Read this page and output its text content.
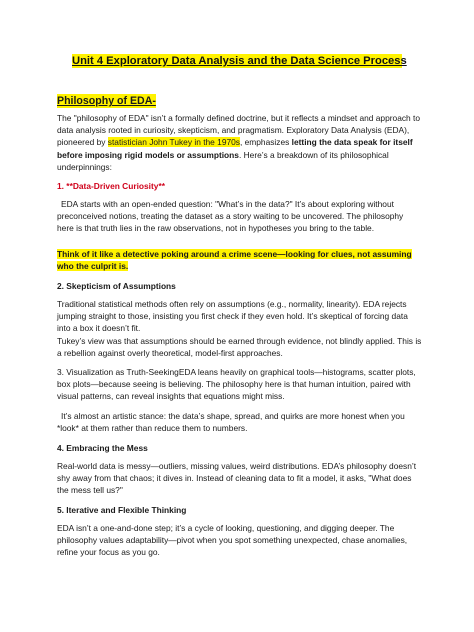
Unit 4 Exploratory Data Analysis and the Data Science Process
Philosophy of EDA-

The "philosophy of EDA" isn’t a formally defined doctrine, but it reflects a mindset and approach to data analysis rooted in curiosity, skepticism, and pragmatism. Exploratory Data Analysis (EDA), pioneered by statistician John Tukey in the 1970s, emphasizes letting the data speak for itself before imposing rigid models or assumptions. Here’s a breakdown of its philosophical underpinnings:

1. **Data-Driven Curiosity**

EDA starts with an open-ended question: "What’s in the data?" It’s about exploring without preconceived notions, treating the dataset as a story waiting to be uncovered. The philosophy here is that truth lies in the raw observations, not in hypotheses you bring to the table.

Think of it like a detective poking around a crime scene—looking for clues, not assuming who the culprit is.

2. Skepticism of Assumptions

Traditional statistical methods often rely on assumptions (e.g., normality, linearity). EDA rejects jumping straight to those, insisting you first check if they even hold. It’s skeptical of forcing data into a box it doesn’t fit.

Tukey’s view was that assumptions should be earned through evidence, not blindly applied. This is a rebellion against overly theoretical, model-first approaches.

3. Visualization as Truth-SeekingEDA leans heavily on graphical tools—histograms, scatter plots, box plots—because seeing is believing. The philosophy here is that human intuition, paired with visual patterns, can reveal insights that equations might miss.

It’s almost an artistic stance: the data’s shape, spread, and quirks are more honest when you *look* at them rather than reduce them to numbers.

4. Embracing the Mess

Real-world data is messy—outliers, missing values, weird distributions. EDA’s philosophy doesn’t shy away from that chaos; it dives in. Instead of cleaning data to fit a model, it asks, "What does the mess tell us?"

5. Iterative and Flexible Thinking

EDA isn’t a one-and-done step; it’s a cycle of looking, questioning, and digging deeper. The philosophy values adaptability—pivot when you spot something unexpected, chase anomalies, refine your focus as you go.
